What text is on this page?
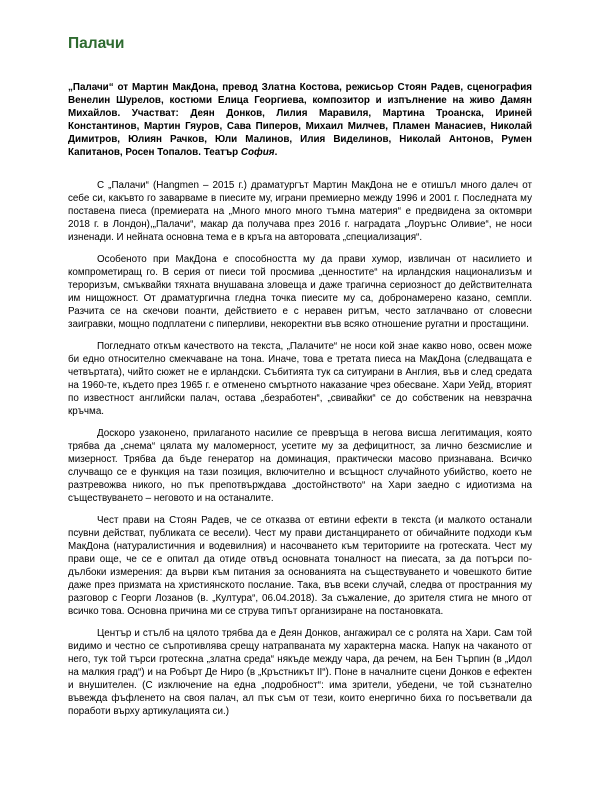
Палачи

„Палачи“ от Мартин МакДона, превод Златна Костова, режисьор Стоян Радев, сценография Венелин Шурелов, костюми Елица Георгиева, композитор и изпълнение на живо Дамян Михайлов. Участват: Деян Донков, Лилия Маравиля, Мартина Троанска, Ириней Константинов, Мартин Гяуров, Сава Пиперов, Михаил Милчев, Пламен Манасиев, Николай Димитров, Юлиян Рачков, Юли Малинов, Илия Виделинов, Николай Антонов, Румен Капитанов, Росен Топалов. Театър София.

С „Палачи“ (Hangmen – 2015 г.) драматургът Мартин МакДона не е отишъл много далеч от себе си, какъвто го заварваме в пиесите му, играни премиерно между 1996 и 2001 г. Последната му поставена пиеса (премиерата на „Много много много тъмна материя“ е предвидена за октомври 2018 г. в Лондон),„Палачи“, макар да получава през 2016 г. наградата „Лоурънс Оливие“, не носи изненади. И нейната основна тема е в кръга на авторовата „специализация“.

Особеното при МакДона е способността му да прави хумор, извличан от насилието и компрометиращ го. В серия от пиеси той просмива „ценностите“ на ирландския национализъм и тероризъм, смъквайки тяхната внушавана зловеща и даже трагична сериозност до действителната им нищожност. От драматургична гледна точка пиесите му са, добронамерено казано, семпли. Разчита се на скечови поанти, действието е с неравен ритъм, често затлачвано от словесни заигравки, мощно подплатени с пиперливи, некоректни във всяко отношение ругатни и простащини.

Погледнато откъм качеството на текста, „Палачите“ не носи кой знае какво ново, освен може би едно относително смекчаване на тона. Иначе, това е третата пиеса на МакДона (следващата е четвъртата), чийто сюжет не е ирландски. Събитията тук са ситуирани в Англия, във и след средата на 1960-те, където през 1965 г. е отменено смъртното наказание чрез обесване. Хари Уейд, вторият по известност английски палач, остава „безработен“, „свивайки“ се до собственик на невзрачна кръчма.

Доскоро узаконено, прилаганото насилие се превръща в негова висша легитимация, която трябва да „снема“ цялата му маломерност, усетите му за дефицитност, за лично безсмислие и мизерност. Трябва да бъде генератор на доминация, практически масово признавана. Всичко случващо се е функция на тази позиция, включително и всъщност случайното убийство, което не разтревожва никого, но пък препотвърждава „достойнството“ на Хари заедно с идиотизма на съществуването – неговото и на останалите.

Чест прави на Стоян Радев, че се отказва от евтини ефекти в текста (и малкото останали псувни действат, публиката се весели). Чест му прави дистанцирането от обичайните подходи към МакДона (натуралистичния и водевилния) и насочването към териториите на гротеската. Чест му прави още, че се е опитал да отиде отвъд основната тоналност на пиесата, за да потърси по-дълбоки измерения: да върви към питания за основанията на съществуването и човешкото битие даже през призмата на християнското послание. Така, във всеки случай, следва от пространния му разговор с Георги Лозанов (в. „Култура“, 06.04.2018). За съжаление, до зрителя стига не много от всичко това. Основна причина ми се струва типът организиране на постановката.

Център и стълб на цялото трябва да е Деян Донков, ангажирал се с ролята на Хари. Сам той видимо и честно се съпротивлява срещу натрапваната му характерна маска. Напук на чаканото от него, тук той търси гротескна „златна среда“ някъде между чара, да речем, на Бен Търпин (в „Идол на малкия град“) и на Робърт Де Ниро (в „Кръстникът II“). Поне в началните сцени Донков е ефектен и внушителен. (С изключение на една „подробност“: има зрители, убедени, че той съзнателно въвежда фъфленето на своя палач, ал пък съм от тези, които енергично биха го посъветвали да поработи върху артикулацията си.)
